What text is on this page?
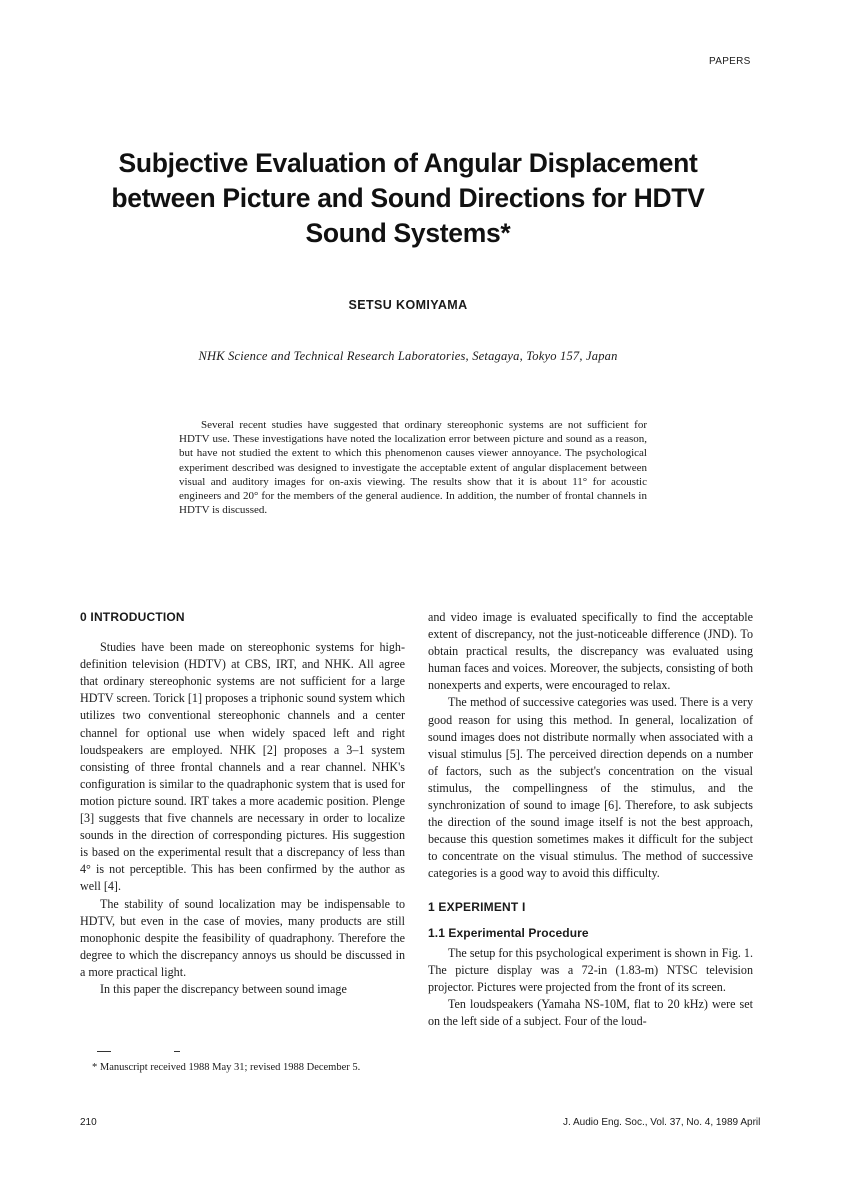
PAPERS
Subjective Evaluation of Angular Displacement
between Picture and Sound Directions for HDTV
Sound Systems*
SETSU KOMIYAMA
NHK Science and Technical Research Laboratories, Setagaya, Tokyo 157, Japan

Several recent studies have suggested that ordinary stereophonic systems are not sufficient for HDTV use. These investigations have noted the localization error between picture and sound as a reason, but have not studied the extent to which this phenomenon causes viewer annoyance. The psychological experiment described was designed to investigate the acceptable extent of angular displacement between visual and auditory images for on-axis viewing. The results show that it is about 11° for acoustic engineers and 20° for the members of the general audience. In addition, the number of frontal channels in HDTV is discussed.

0 INTRODUCTION

Studies have been made on stereophonic systems for high-definition television (HDTV) at CBS, IRT, and NHK. All agree that ordinary stereophonic systems are not sufficient for a large HDTV screen. Torick [1] proposes a triphonic sound system which utilizes two conventional stereophonic channels and a center channel for optional use when widely spaced left and right loudspeakers are employed. NHK [2] proposes a 3–1 system consisting of three frontal channels and a rear channel. NHK's configuration is similar to the quadraphonic system that is used for motion picture sound. IRT takes a more academic position. Plenge [3] suggests that five channels are necessary in order to localize sounds in the direction of corresponding pictures. His suggestion is based on the experimental result that a discrepancy of less than 4° is not perceptible. This has been confirmed by the author as well [4].

The stability of sound localization may be indispensable to HDTV, but even in the case of movies, many products are still monophonic despite the feasibility of quadraphony. Therefore the degree to which the discrepancy annoys us should be discussed in a more practical light.

In this paper the discrepancy between sound image

* Manuscript received 1988 May 31; revised 1988 December 5.

and video image is evaluated specifically to find the acceptable extent of discrepancy, not the just-noticeable difference (JND). To obtain practical results, the discrepancy was evaluated using human faces and voices. Moreover, the subjects, consisting of both nonexperts and experts, were encouraged to relax.

The method of successive categories was used. There is a very good reason for using this method. In general, localization of sound images does not distribute normally when associated with a visual stimulus [5]. The perceived direction depends on a number of factors, such as the subject's concentration on the visual stimulus, the compellingness of the stimulus, and the synchronization of sound to image [6]. Therefore, to ask subjects the direction of the sound image itself is not the best approach, because this question sometimes makes it difficult for the subject to concentrate on the visual stimulus. The method of successive categories is a good way to avoid this difficulty.

1 EXPERIMENT I
1.1 Experimental Procedure

The setup for this psychological experiment is shown in Fig. 1. The picture display was a 72-in (1.83-m) NTSC television projector. Pictures were projected from the front of its screen.

Ten loudspeakers (Yamaha NS-10M, flat to 20 kHz) were set on the left side of a subject. Four of the loud-

210	J. Audio Eng. Soc., Vol. 37, No. 4, 1989 April
